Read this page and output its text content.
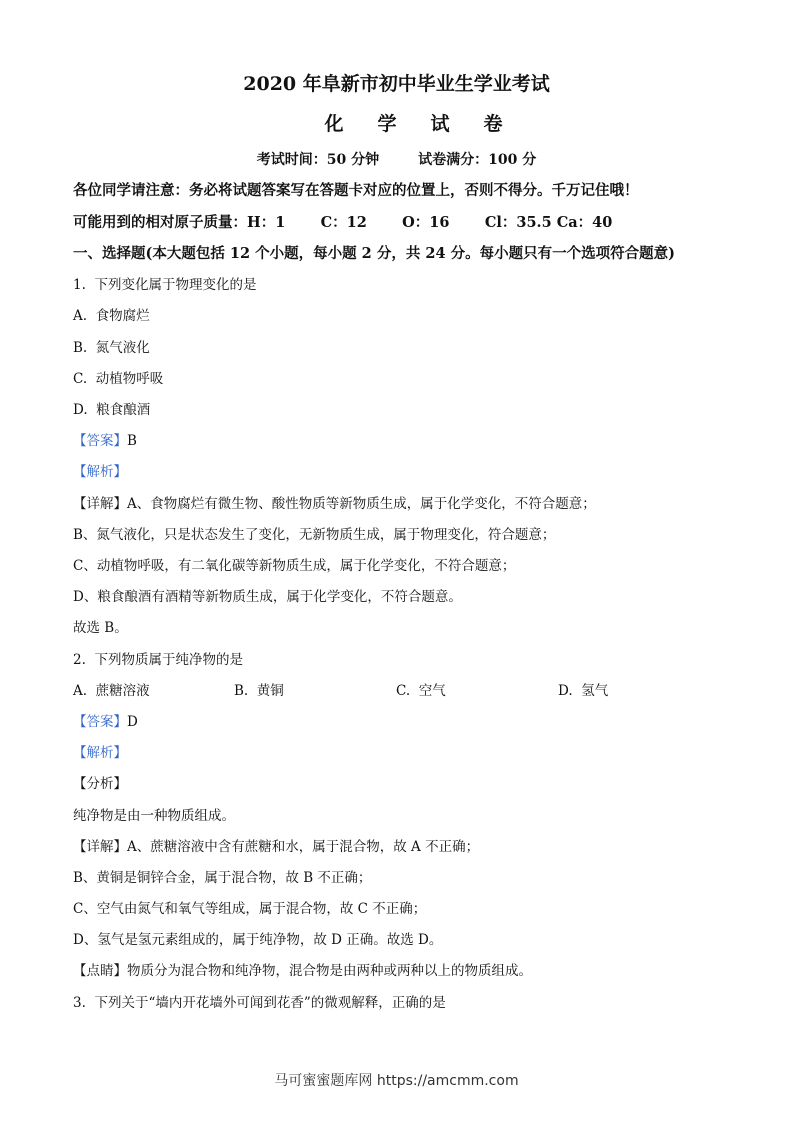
2020 年阜新市初中毕业生学业考试
化学试卷
考试时间：50 分钟        试卷满分：100 分
各位同学请注意：务必将试题答案写在答题卡对应的位置上，否则不得分。千万记住哦！
可能用到的相对原子质量：H：1       C：12       O：16       Cl：35.5 Ca：40
一、选择题(本大题包括 12 个小题，每小题 2 分，共 24 分。每小题只有一个选项符合题意)
1.  下列变化属于物理变化的是
A.  食物腐烂
B.  氮气液化
C.  动植物呼吸
D.  粮食酿酒
【答案】B
【解析】
【详解】A、食物腐烂有微生物、酸性物质等新物质生成，属于化学变化，不符合题意；
B、氮气液化，只是状态发生了变化，无新物质生成，属于物理变化，符合题意；
C、动植物呼吸，有二氧化碳等新物质生成，属于化学变化，不符合题意；
D、粮食酿酒有酒精等新物质生成，属于化学变化，不符合题意。
故选 B。
2.  下列物质属于纯净物的是
A.  蔗糖溶液	B.  黄铜	C.  空气	D.  氢气
【答案】D
【解析】
【分析】
纯净物是由一种物质组成。
【详解】A、蔗糖溶液中含有蔗糖和水，属于混合物，故 A 不正确；
B、黄铜是铜锌合金，属于混合物，故 B 不正确；
C、空气由氮气和氧气等组成，属于混合物，故 C 不正确；
D、氢气是氢元素组成的，属于纯净物，故 D 正确。故选 D。
【点睛】物质分为混合物和纯净物，混合物是由两种或两种以上的物质组成。
3.  下列关于“墙内开花墙外可闻到花香”的微观解释，正确的是
马可蜜蜜题库网 https://amcmm.com
